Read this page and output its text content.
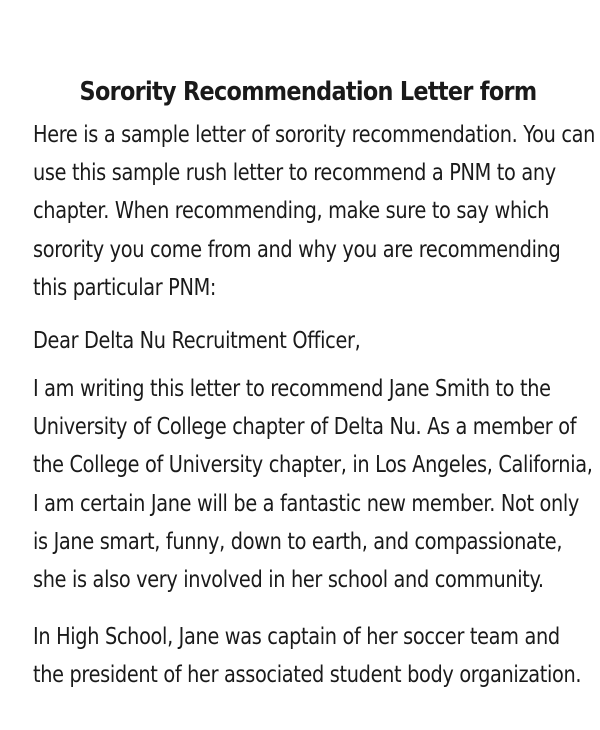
Sorority Recommendation Letter form

Here is a sample letter of sorority recommendation. You can
use this sample rush letter to recommend a PNM to any
chapter. When recommending, make sure to say which
sorority you come from and why you are recommending
this particular PNM:

Dear Delta Nu Recruitment Officer,

I am writing this letter to recommend Jane Smith to the
University of College chapter of Delta Nu. As a member of
the College of University chapter, in Los Angeles, California,
I am certain Jane will be a fantastic new member. Not only
is Jane smart, funny, down to earth, and compassionate,
she is also very involved in her school and community.

In High School, Jane was captain of her soccer team and
the president of her associated student body organization.
